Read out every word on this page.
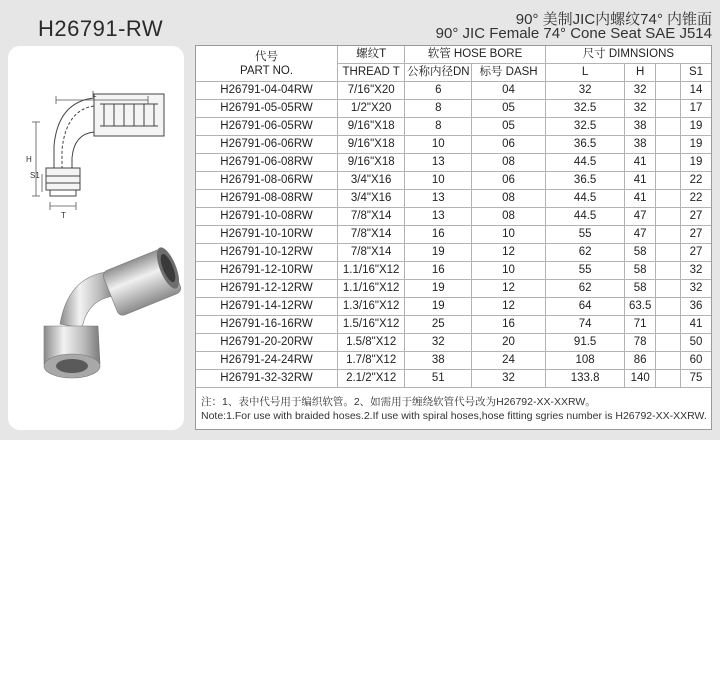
H26791-RW	90° 美制JIC内螺纹74° 内锥面
90° JIC Female 74° Cone Seat SAE J514
L
H
S1
T
代号
PART NO.	螺纹T	软管 HOSE BORE		尺寸 DIMNSIONS			
	THREAD T	公称内径DN	标号 DASH	L	H		S1
H26791-04-04RW	7/16"X20	6	04	32	32		14
H26791-05-05RW	1/2"X20	8	05	32.5	32		17
H26791-06-05RW	9/16"X18	8	05	32.5	38		19
H26791-06-06RW	9/16"X18	10	06	36.5	38		19
H26791-06-08RW	9/16"X18	13	08	44.5	41		19
H26791-08-06RW	3/4"X16	10	06	36.5	41		22
H26791-08-08RW	3/4"X16	13	08	44.5	41		22
H26791-10-08RW	7/8"X14	13	08	44.5	47		27
H26791-10-10RW	7/8"X14	16	10	55	47		27
H26791-10-12RW	7/8"X14	19	12	62	58		27
H26791-12-10RW	1.1/16"X12	16	10	55	58		32
H26791-12-12RW	1.1/16"X12	19	12	62	58		32
H26791-14-12RW	1.3/16"X12	19	12	64	63.5		36
H26791-16-16RW	1.5/16"X12	25	16	74	71		41
H26791-20-20RW	1.5/8"X12	32	20	91.5	78		50
H26791-24-24RW	1.7/8"X12	38	24	108	86		60
H26791-32-32RW	2.1/2"X12	51	32	133.8	140		75
注：1、表中代号用于编织软管。2、如需用于缠绕软管代号改为H26792-XX-XXRW。
Note:1.For use with braided hoses.2.If use with spiral hoses,hose fitting sgries number is H26792-XX-XXRW.
